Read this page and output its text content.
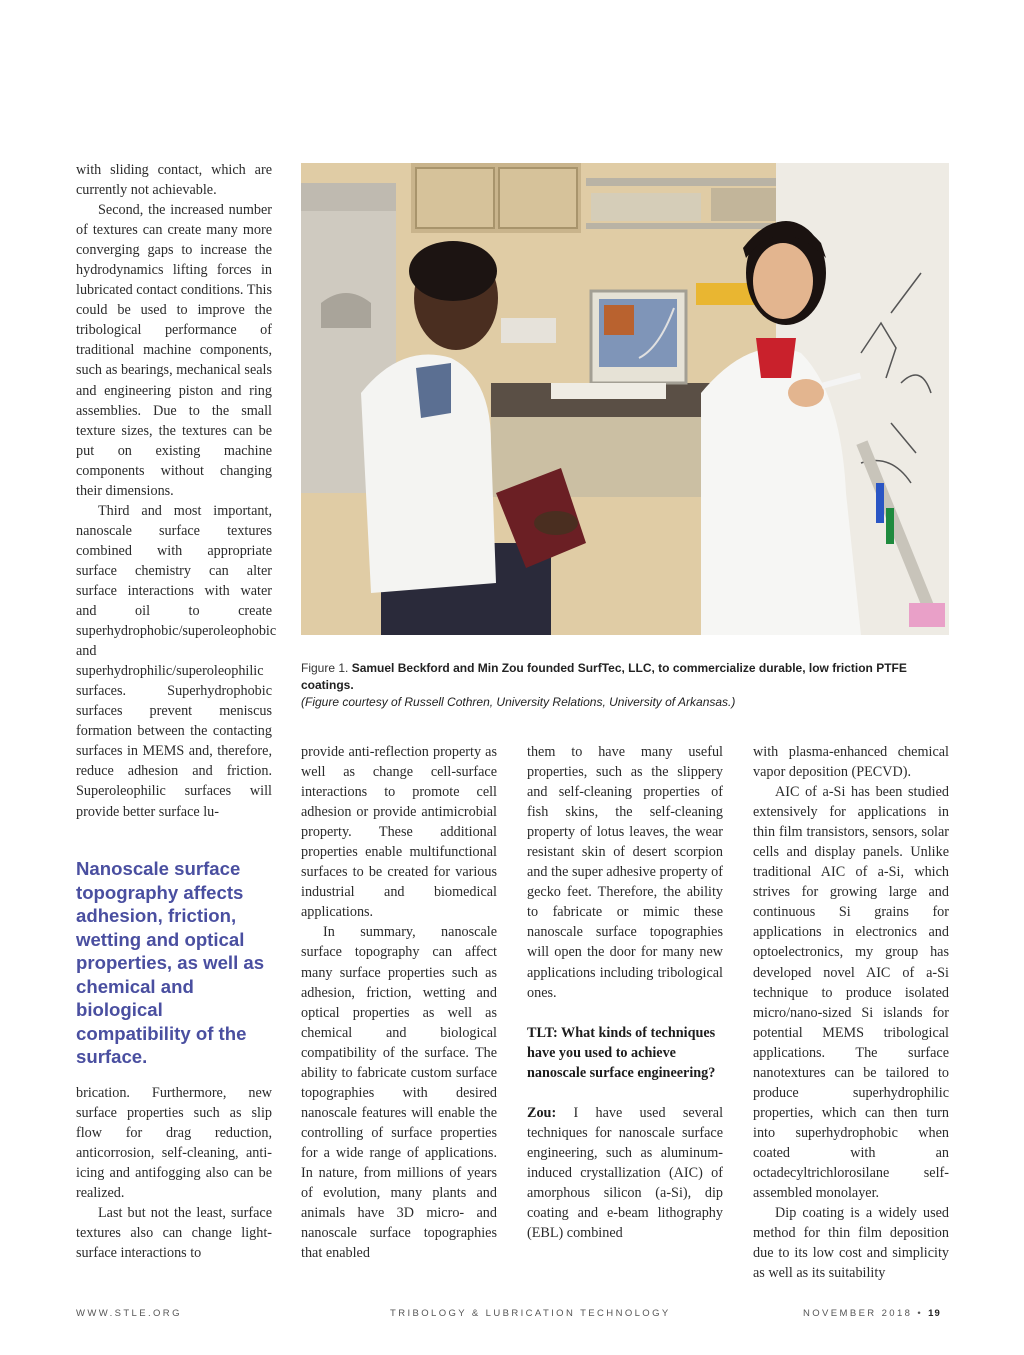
with sliding contact, which are currently not achievable.

Second, the increased number of textures can create many more converging gaps to increase the hydrodynamics lifting forces in lubricated contact conditions. This could be used to improve the tribological performance of traditional machine components, such as bearings, mechanical seals and engineering piston and ring assemblies. Due to the small texture sizes, the textures can be put on existing machine components without changing their dimensions.

Third and most important, nanoscale surface textures combined with appropriate surface chemistry can alter surface interactions with water and oil to create superhydrophobic/superoleophobic and superhydrophilic/superoleophilic surfaces. Superhydrophobic surfaces prevent meniscus formation between the contacting surfaces in MEMS and, therefore, reduce adhesion and friction. Superoleophilic surfaces will provide better surface lu-

Nanoscale surface topography affects adhesion, friction, wetting and optical properties, as well as chemical and biological compatibility of the surface.

brication. Furthermore, new surface properties such as slip flow for drag reduction, anticorrosion, self-cleaning, anti-icing and antifogging also can be realized.

Last but not the least, surface textures also can change light-surface interactions to

Figure 1. Samuel Beckford and Min Zou founded SurfTec, LLC, to commercialize durable, low friction PTFE coatings.
(Figure courtesy of Russell Cothren, University Relations, University of Arkansas.)

provide anti-reflection property as well as change cell-surface interactions to promote cell adhesion or provide antimicrobial property. These additional properties enable multifunctional surfaces to be created for various industrial and biomedical applications.

In summary, nanoscale surface topography can affect many surface properties such as adhesion, friction, wetting and optical properties as well as chemical and biological compatibility of the surface. The ability to fabricate custom surface topographies with desired nanoscale features will enable the controlling of surface properties for a wide range of applications. In nature, from millions of years of evolution, many plants and animals have 3D micro- and nanoscale surface topographies that enabled

them to have many useful properties, such as the slippery and self-cleaning properties of fish skins, the self-cleaning property of lotus leaves, the wear resistant skin of desert scorpion and the super adhesive property of gecko feet. Therefore, the ability to fabricate or mimic these nanoscale surface topographies will open the door for many new applications including tribological ones.

TLT: What kinds of techniques have you used to achieve nanoscale surface engineering?

Zou: I have used several techniques for nanoscale surface engineering, such as aluminum-induced crystallization (AIC) of amorphous silicon (a-Si), dip coating and e-beam lithography (EBL) combined

with plasma-enhanced chemical vapor deposition (PECVD).

AIC of a-Si has been studied extensively for applications in thin film transistors, sensors, solar cells and display panels. Unlike traditional AIC of a-Si, which strives for growing large and continuous Si grains for applications in electronics and optoelectronics, my group has developed novel AIC of a-Si technique to produce isolated micro/nano-sized Si islands for potential MEMS tribological applications. The surface nanotextures can be tailored to produce superhydrophilic properties, which can then turn into superhydrophobic when coated with an octadecyltrichlorosilane self-assembled monolayer.

Dip coating is a widely used method for thin film deposition due to its low cost and simplicity as well as its suitability

WWW.STLE.ORG	TRIBOLOGY & LUBRICATION TECHNOLOGY	NOVEMBER 2018 • 19
